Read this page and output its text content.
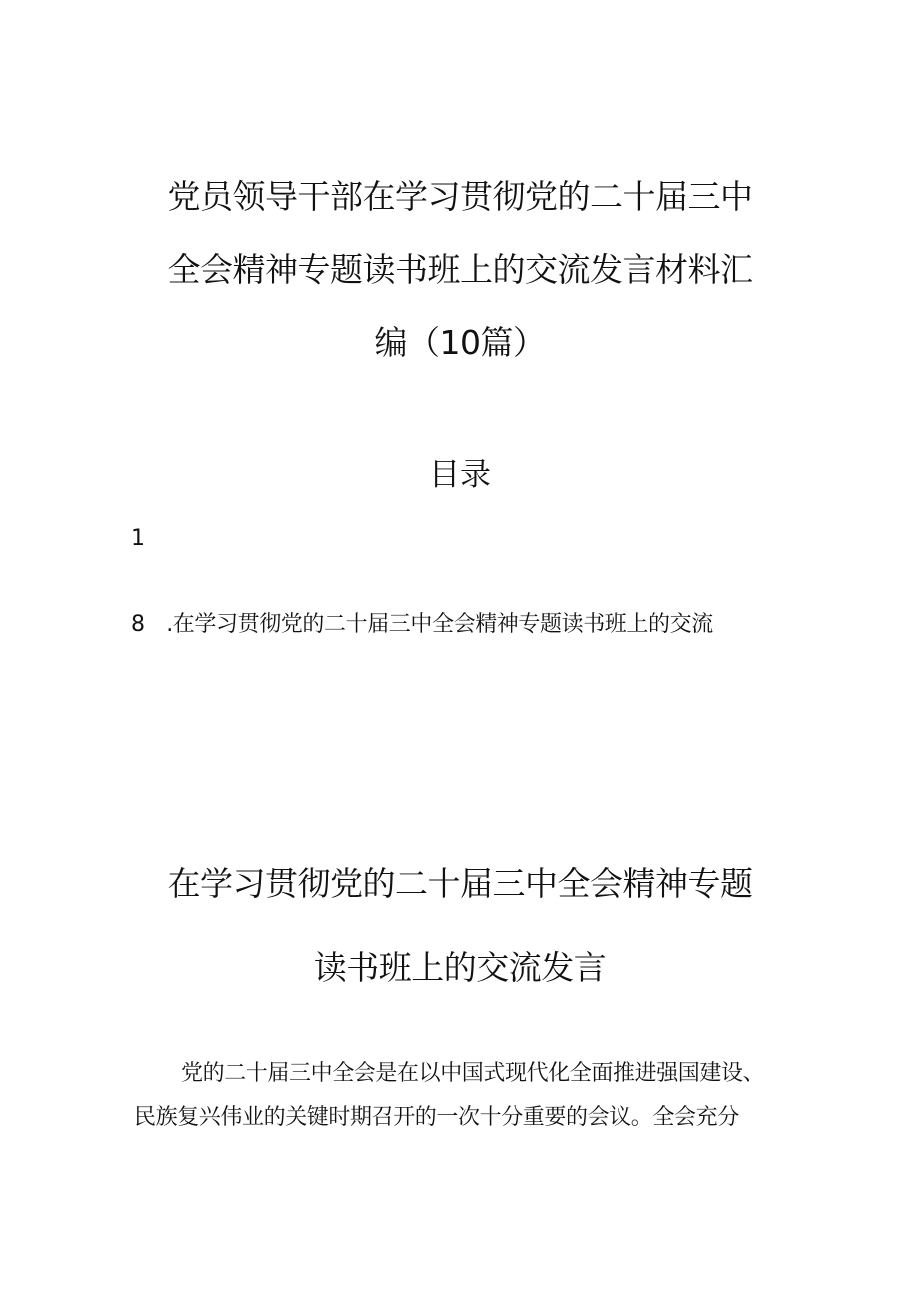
党员领导干部在学习贯彻党的二十届三中
全会精神专题读书班上的交流发言材料汇
编（10篇）
目录
1
8　.在学习贯彻党的二十届三中全会精神专题读书班上的交流
在学习贯彻党的二十届三中全会精神专题
读书班上的交流发言
党的二十届三中全会是在以中国式现代化全面推进强国建设、
民族复兴伟业的关键时期召开的一次十分重要的会议。全会充分
